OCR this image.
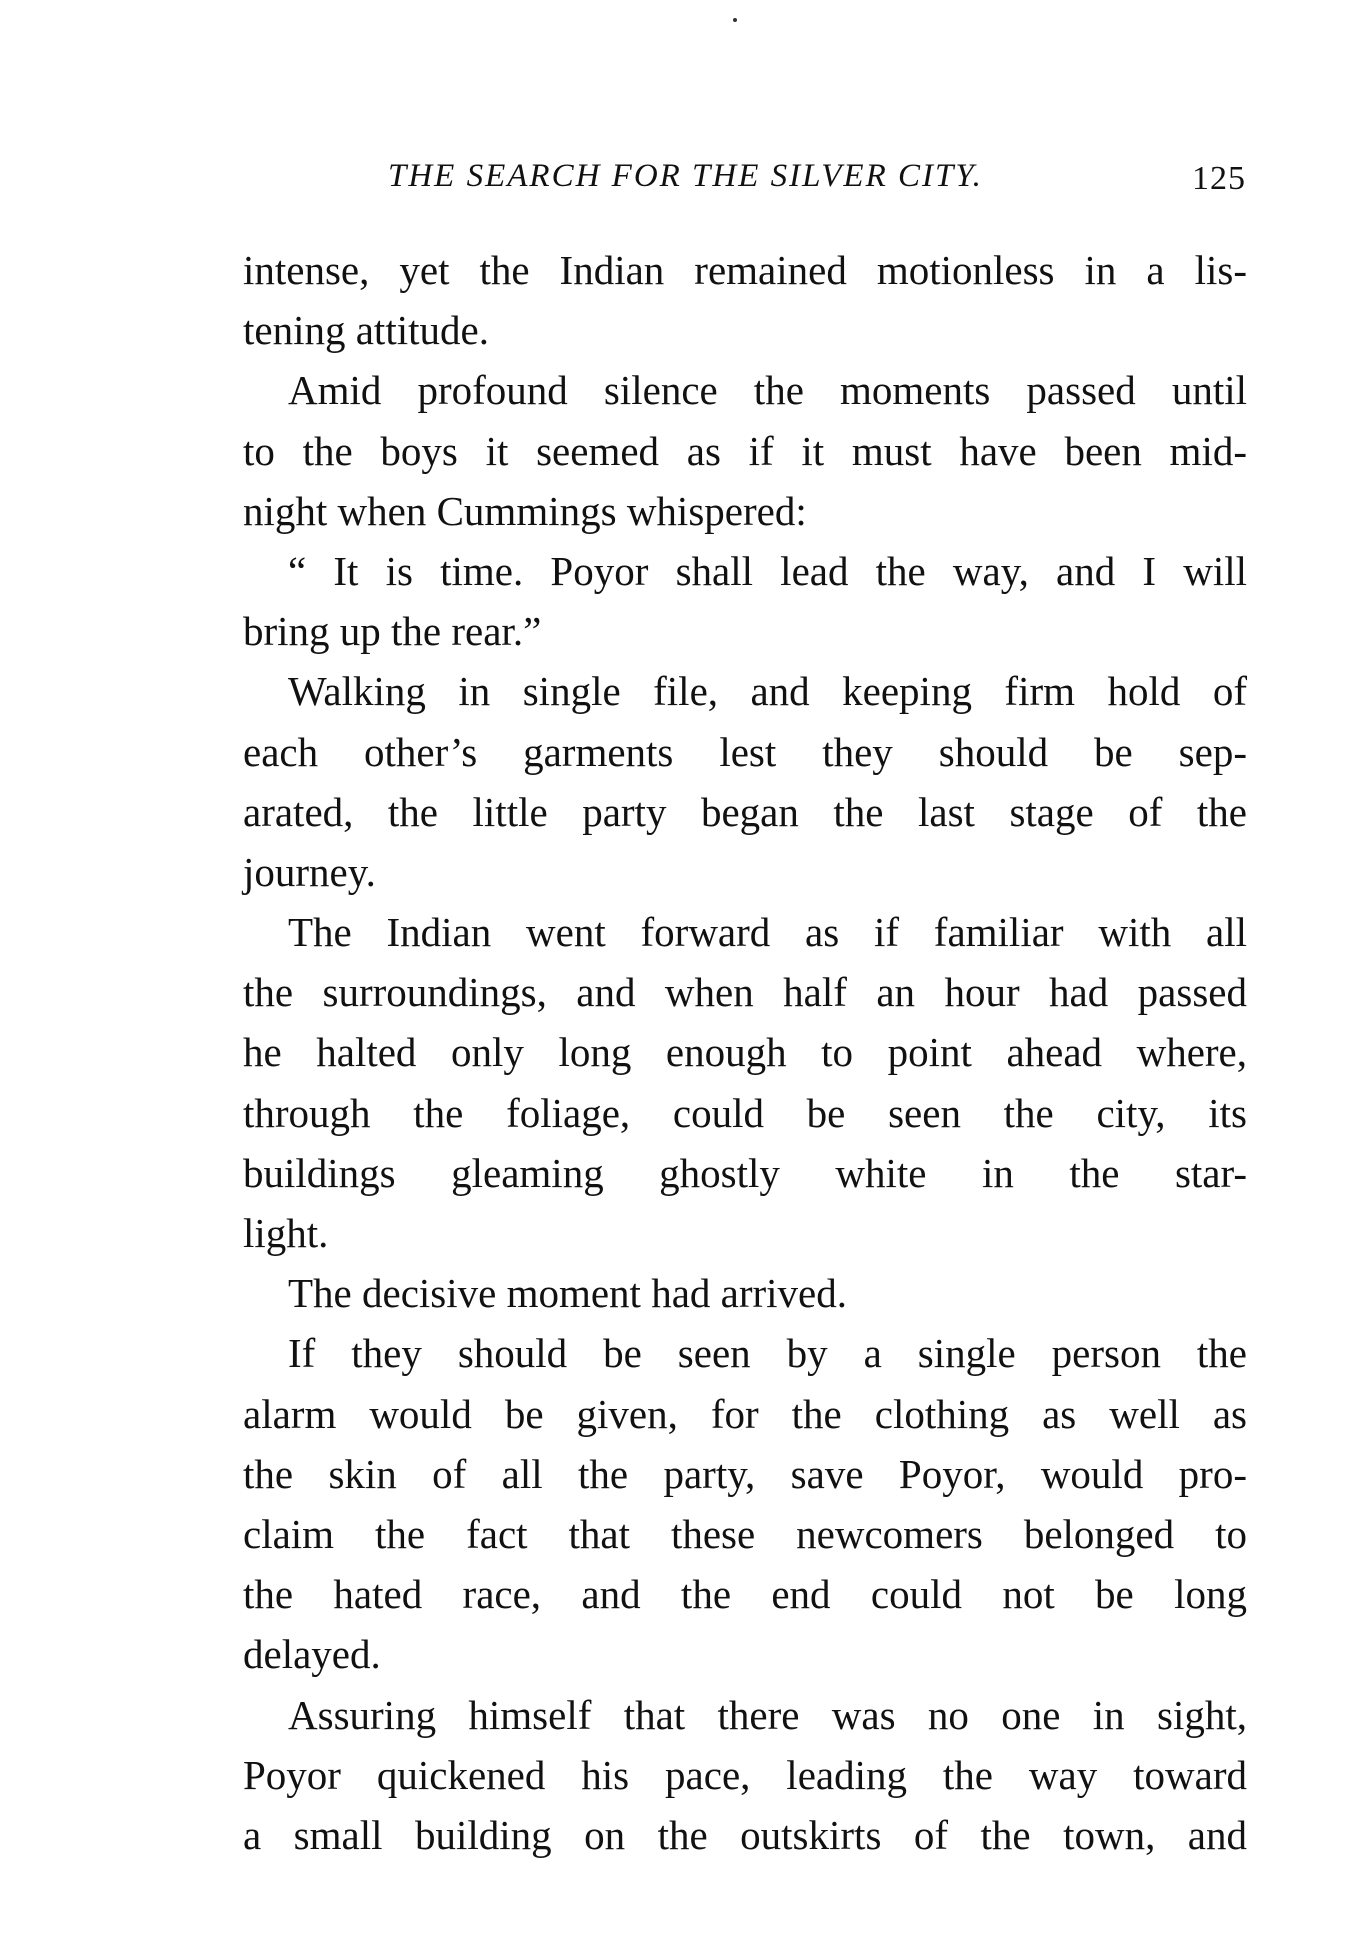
THE SEARCH FOR THE SILVER CITY.	125
intense, yet the Indian remained motionless in a lis-
tening attitude.
Amid profound silence the moments passed until
to the boys it seemed as if it must have been mid-
night when Cummings whispered:
“ It is time. Poyor shall lead the way, and I will
bring up the rear.”
Walking in single file, and keeping firm hold of
each other’s garments lest they should be sep-
arated, the little party began the last stage of the
journey.
The Indian went forward as if familiar with all
the surroundings, and when half an hour had passed
he halted only long enough to point ahead where,
through the foliage, could be seen the city, its
buildings gleaming ghostly white in the star-
light.
The decisive moment had arrived.
If they should be seen by a single person the
alarm would be given, for the clothing as well as
the skin of all the party, save Poyor, would pro-
claim the fact that these newcomers belonged to
the hated race, and the end could not be long
delayed.
Assuring himself that there was no one in sight,
Poyor quickened his pace, leading the way toward
a small building on the outskirts of the town, and
